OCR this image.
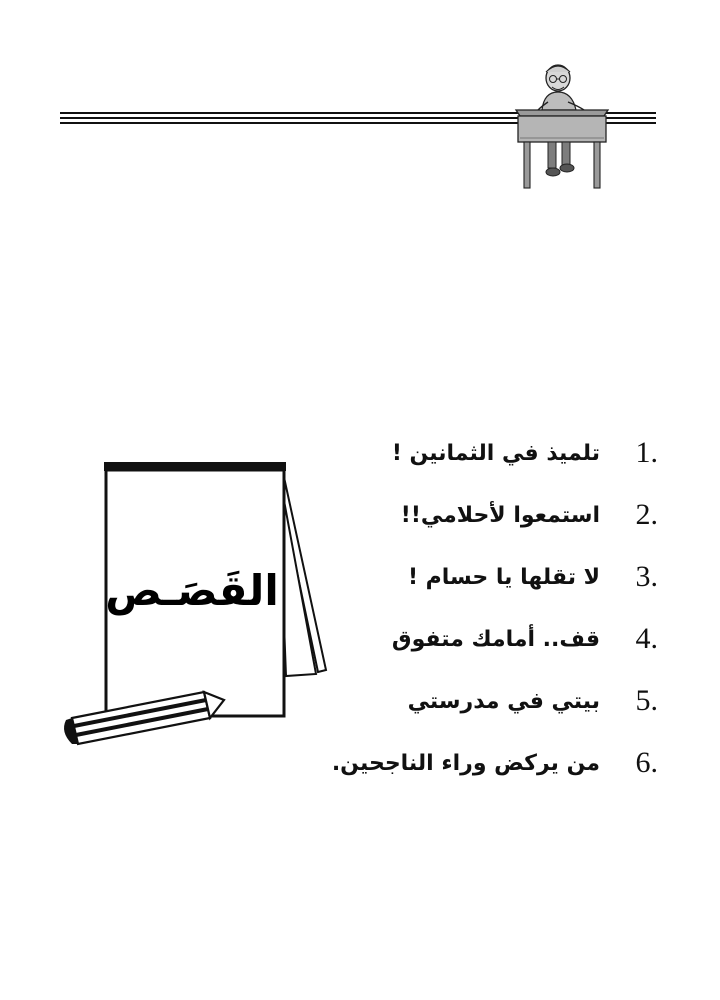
تلميذ في الثمانين !	1.
استمعوا لأحلامي!!	2.
لا تقلها يا حسام !	3.
قف.. أمامك متفوق	4.
بيتي في مدرستي	5.
من يركض وراء الناجحين.	6.
القَصَـص
